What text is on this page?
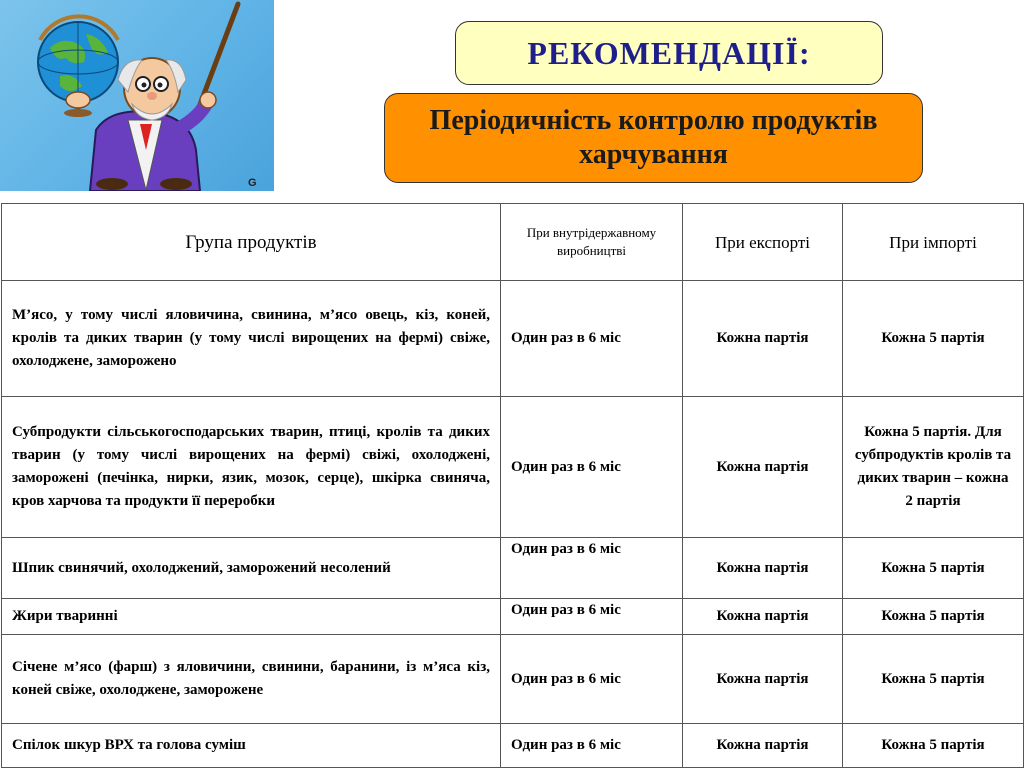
G
РЕКОМЕНДАЦІЇ:
Періодичність контролю продуктів харчування
Група продуктів	При внутрідержавному виробництві	При експорті	При імпорті
М’ясо, у тому числі яловичина, свинина, м’ясо овець, кіз, коней, кролів та диких тварин (у тому числі вирощених на фермі) свіже, охолоджене, заморожено	Один раз в 6 міс	Кожна партія	Кожна 5 партія
Субпродукти сільськогосподарських тварин, птиці, кролів та диких тварин (у тому числі вирощених на фермі) свіжі, охолоджені, заморожені (печінка, нирки, язик, мозок, серце), шкірка свиняча, кров харчова та продукти її переробки	Один раз в 6 міс	Кожна партія	Кожна 5 партія. Для субпродуктів кролів та диких тварин – кожна 2 партія
Шпик свинячий, охолоджений, заморожений несолений	Один раз в 6 міс	Кожна партія	Кожна 5 партія
Жири тваринні	Один раз в 6 міс	Кожна партія	Кожна 5 партія
Січене м’ясо (фарш) з яловичини, свинини, баранини, із м’яса кіз, коней свіже, охолоджене, заморожене	Один раз в 6 міс	Кожна партія	Кожна 5 партія
Спілок шкур ВРХ та голова суміш	Один раз в 6 міс	Кожна партія	Кожна 5 партія
